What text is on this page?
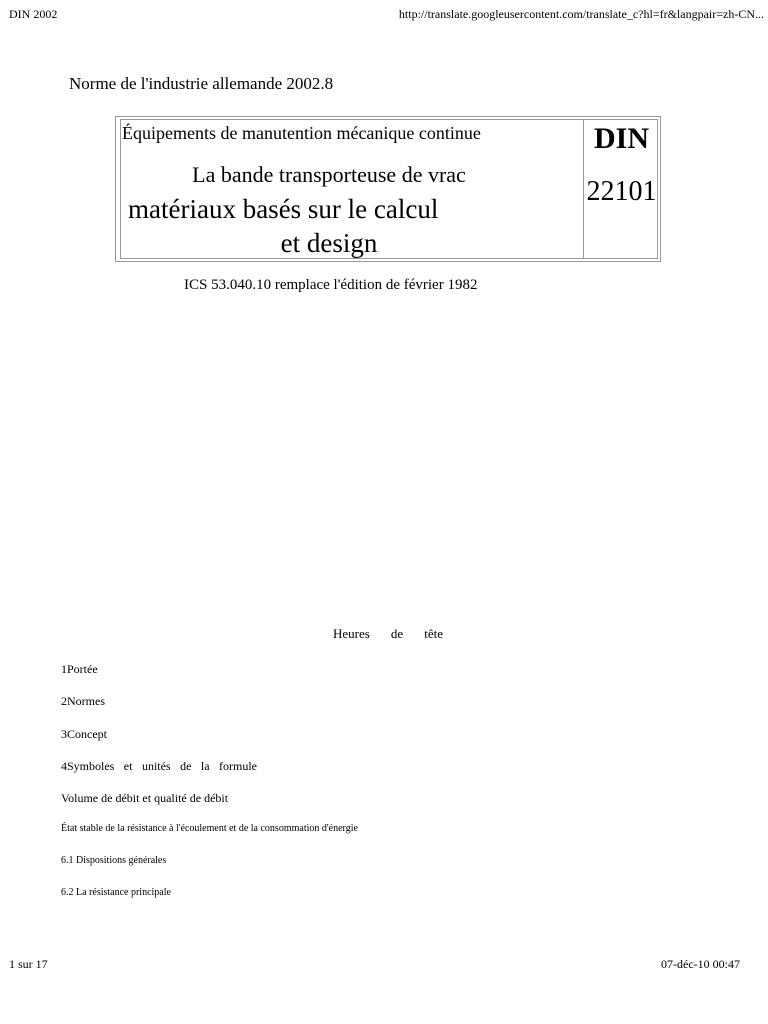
DIN 2002	http://translate.googleusercontent.com/translate_c?hl=fr&langpair=zh-CN...
Norme de l'industrie allemande 2002.8
Équipements de manutention mécanique continue
La bande transporteuse de vrac
matériaux basés sur le calcul
et design
DIN
22101
ICS 53.040.10 remplace l'édition de février 1982
Heures de tête
1Portée
2Normes
3Concept
4Symboles et unités de la formule
Volume de débit et qualité de débit
État stable de la résistance à l'écoulement et de la consommation d'énergie
6.1 Dispositions générales
6.2 La résistance principale
1 sur 17	07-déc-10 00:47
